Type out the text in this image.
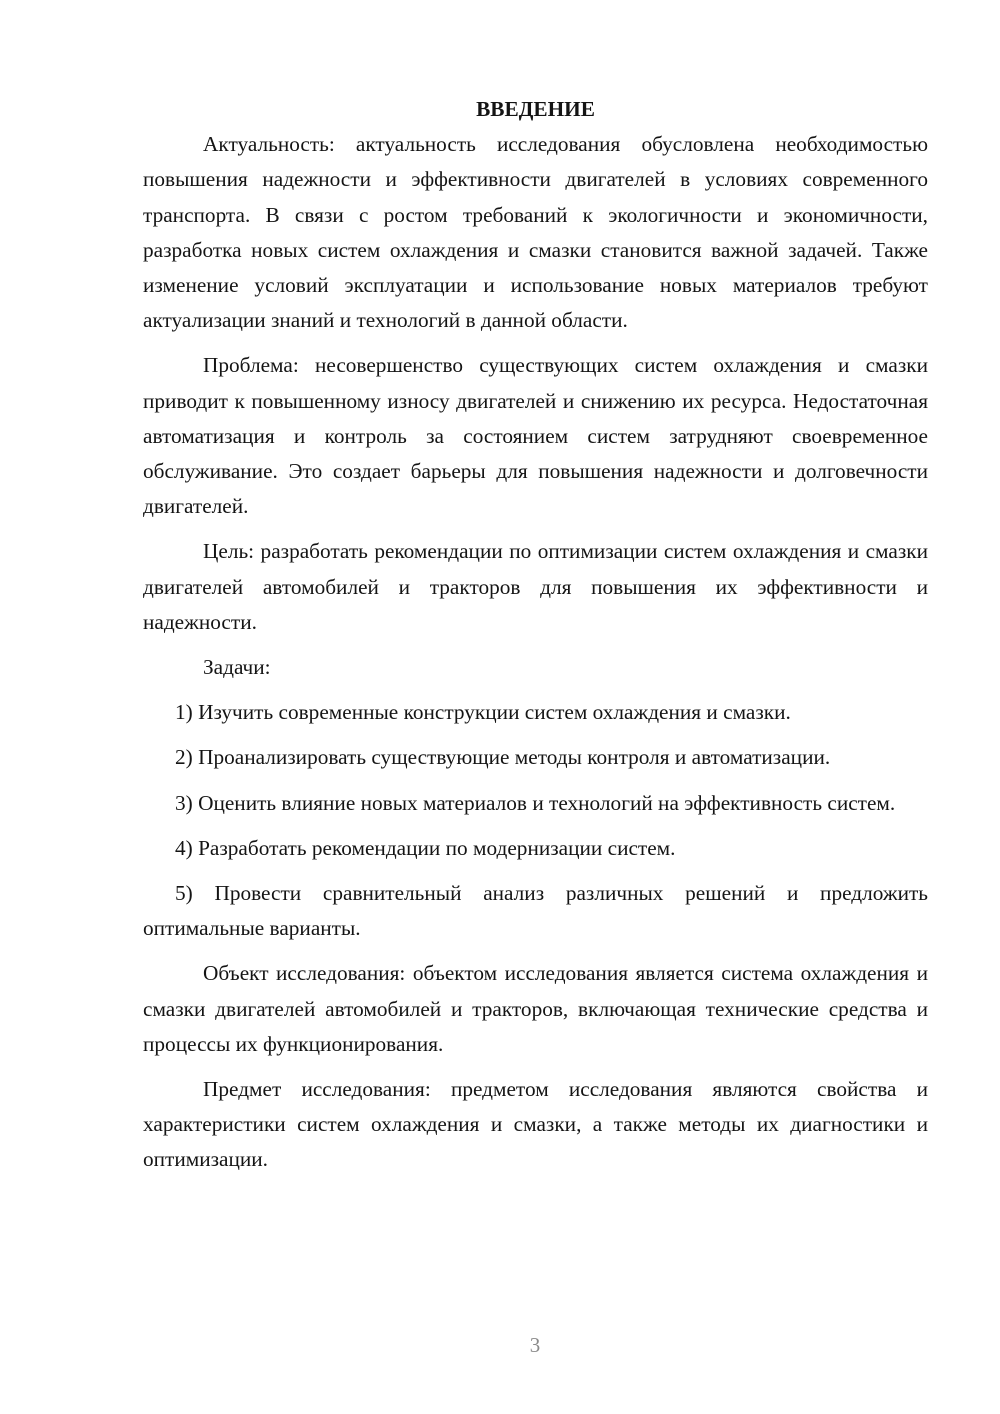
ВВЕДЕНИЕ

Актуальность: актуальность исследования обусловлена необходимостью повышения надежности и эффективности двигателей в условиях современного транспорта. В связи с ростом требований к экологичности и экономичности, разработка новых систем охлаждения и смазки становится важной задачей. Также изменение условий эксплуатации и использование новых материалов требуют актуализации знаний и технологий в данной области.

Проблема: несовершенство существующих систем охлаждения и смазки приводит к повышенному износу двигателей и снижению их ресурса. Недостаточная автоматизация и контроль за состоянием систем затрудняют своевременное обслуживание. Это создает барьеры для повышения надежности и долговечности двигателей.

Цель: разработать рекомендации по оптимизации систем охлаждения и смазки двигателей автомобилей и тракторов для повышения их эффективности и надежности.

Задачи:

1) Изучить современные конструкции систем охлаждения и смазки.

2) Проанализировать существующие методы контроля и автоматизации.

3) Оценить влияние новых материалов и технологий на эффективность систем.

4) Разработать рекомендации по модернизации систем.

5) Провести сравнительный анализ различных решений и предложить оптимальные варианты.

Объект исследования: объектом исследования является система охлаждения и смазки двигателей автомобилей и тракторов, включающая технические средства и процессы их функционирования.

Предмет исследования: предметом исследования являются свойства и характеристики систем охлаждения и смазки, а также методы их диагностики и оптимизации.

3
